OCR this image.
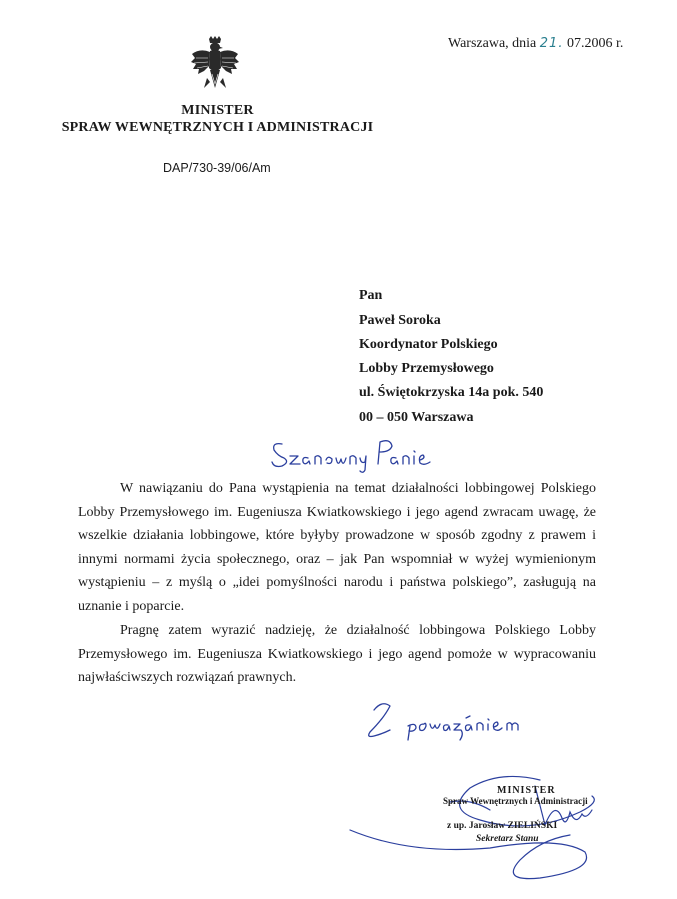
Warszawa, dnia 21. 07.2006 r.
MINISTER
SPRAW WEWNĘTRZNYCH I ADMINISTRACJI
DAP/730-39/06/Am
Pan
Paweł Soroka
Koordynator Polskiego
Lobby Przemysłowego
ul. Świętokrzyska 14a pok. 540
00 – 050 Warszawa
W nawiązaniu do Pana wystąpienia na temat działalności lobbingowej Polskiego Lobby Przemysłowego im. Eugeniusza Kwiatkowskiego i jego agend zwracam uwagę, że wszelkie działania lobbingowe, które byłyby prowadzone w sposób zgodny z prawem i innymi normami życia społecznego, oraz – jak Pan wspomniał w wyżej wymienionym wystąpieniu – z myślą o „idei pomyślności narodu i państwa polskiego”, zasługują na uznanie i poparcie.
Pragnę zatem wyrazić nadzieję, że działalność lobbingowa Polskiego Lobby Przemysłowego im. Eugeniusza Kwiatkowskiego i jego agend pomoże w wypracowaniu najwłaściwszych rozwiązań prawnych.
MINISTER
Spraw Wewnętrznych i Administracji
z up. Jarosław ZIELIŃSKI
Sekretarz Stanu
